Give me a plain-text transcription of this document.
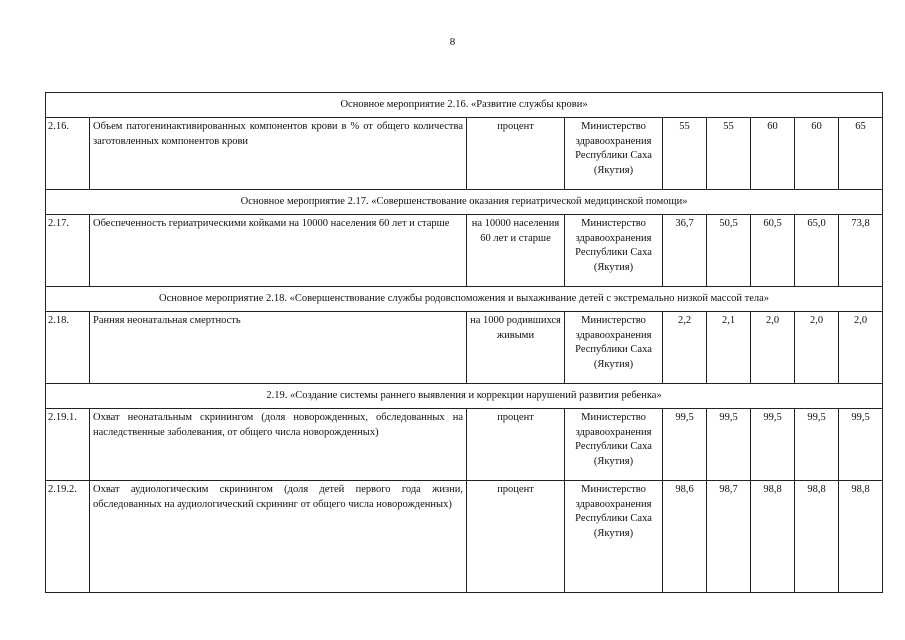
8
Основное мероприятие 2.16. «Развитие службы крови»								
2.16.	Объем патогенинактивированных компонентов крови в % от общего количества заготовленных компонентов крови	процент	Министерство здравоохранения Республики Саха (Якутия)	55	55	60	60	65
Основное мероприятие 2.17. «Совершенствование оказания гериатрической медицинской помощи»								
2.17.	Обеспеченность гериатрическими койками на 10000 населения 60 лет и старше	на 10000 населения 60 лет и старше	Министерство здравоохранения Республики Саха (Якутия)	36,7	50,5	60,5	65,0	73,8
Основное мероприятие 2.18. «Совершенствование службы родовспоможения и выхаживание детей с экстремально низкой массой тела»								
2.18.	Ранняя неонатальная смертность	на 1000 родившихся живыми	Министерство здравоохранения Республики Саха (Якутия)	2,2	2,1	2,0	2,0	2,0
2.19. «Создание системы раннего выявления и коррекции нарушений развития ребенка»								
2.19.1.	Охват неонатальным скринингом (доля новорожденных, обследованных на наследственные заболевания, от общего числа новорожденных)	процент	Министерство здравоохранения Республики Саха (Якутия)	99,5	99,5	99,5	99,5	99,5
2.19.2.	Охват аудиологическим скринингом (доля детей первого года жизни, обследованных на аудиологический скрининг от общего числа новорожденных)	процент	Министерство здравоохранения Республики Саха (Якутия)	98,6	98,7	98,8	98,8	98,8
